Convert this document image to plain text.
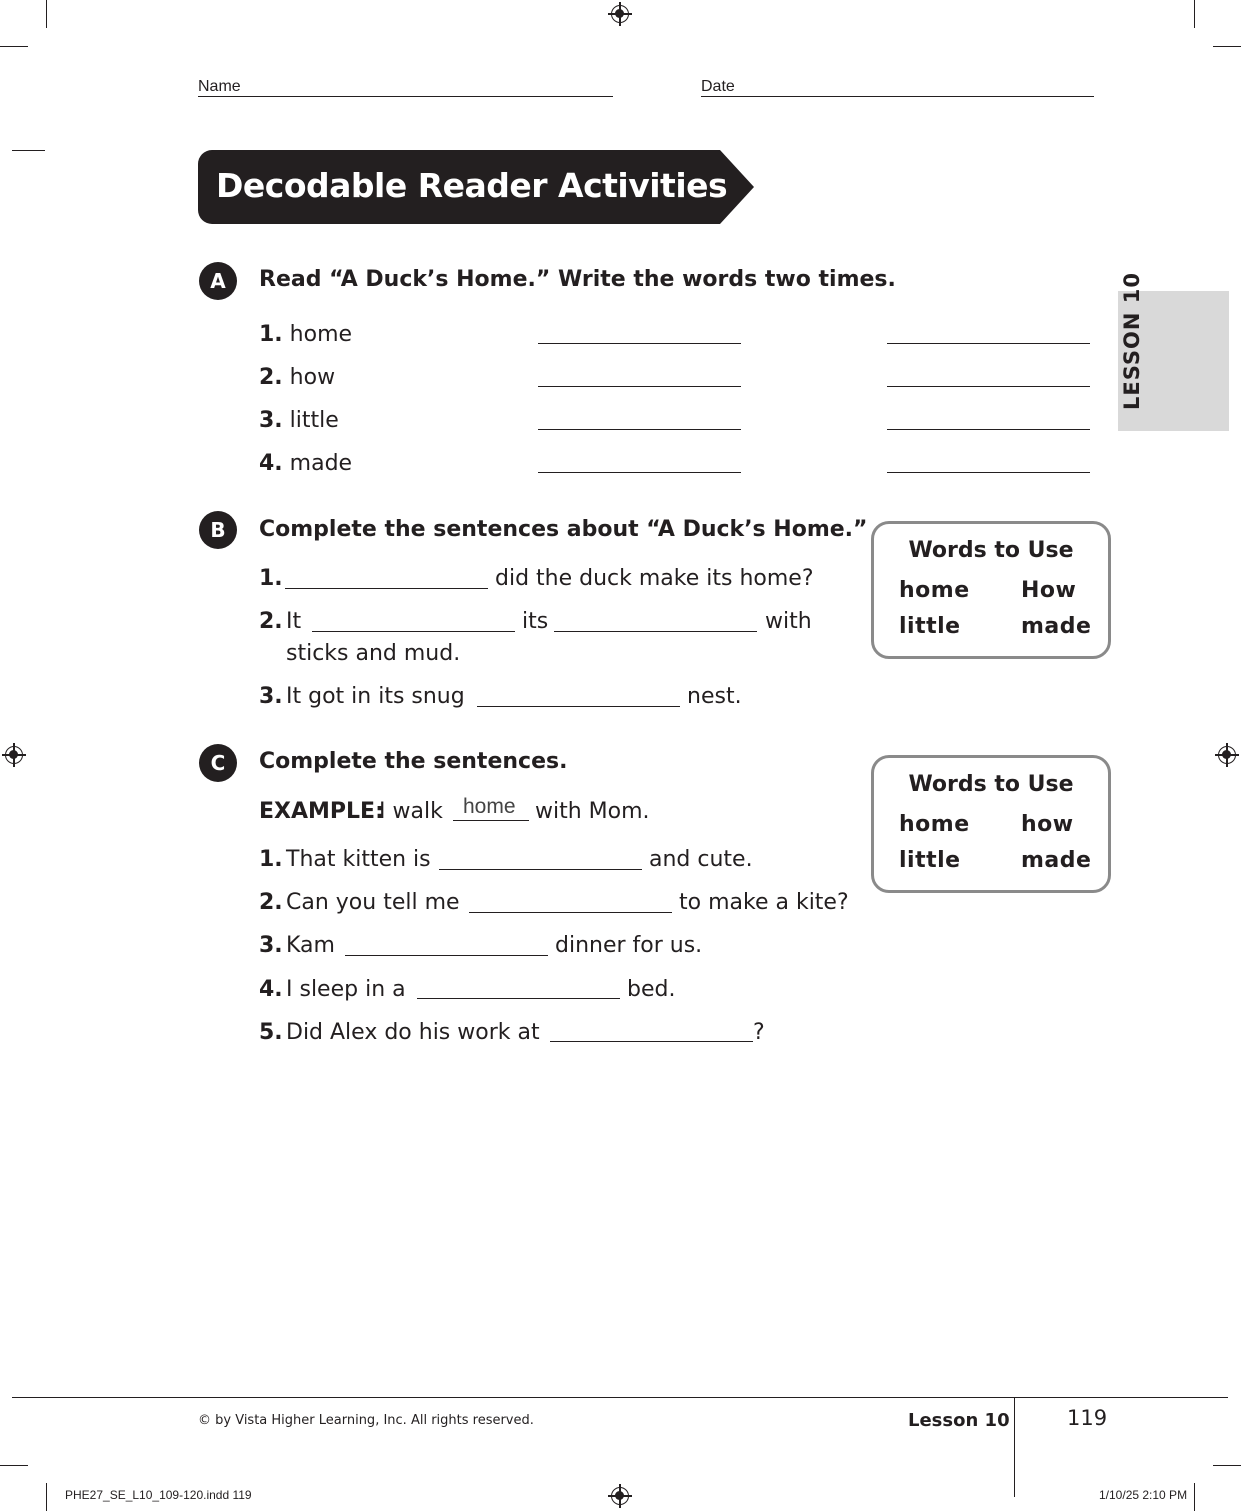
Name	Date
Decodable Reader Activities
LESSON 10
A	Read “A Duck’s Home.” Write the words two times.
1. home
2. how
3. little
4. made
B	Complete the sentences about “A Duck’s Home.”
1.	did the duck make its home?
2. It	its	with
sticks and mud.
3. It got in its snug	nest.
Words to Use
home How
little	made
C	Complete the sentences.
EXAMPLE:
I walk home with Mom.
1. That kitten is	and cute.
2. Can you tell me	to make a kite?
3. Kam	dinner for us.
4. I sleep in a	bed.
5. Did Alex do his work at	?
Words to Use
home how
little	made
© by Vista Higher Learning, Inc. All rights reserved.	Lesson 10	119
PHE27_SE_L10_109-120.indd 119	1/10/25 2:10 PM
